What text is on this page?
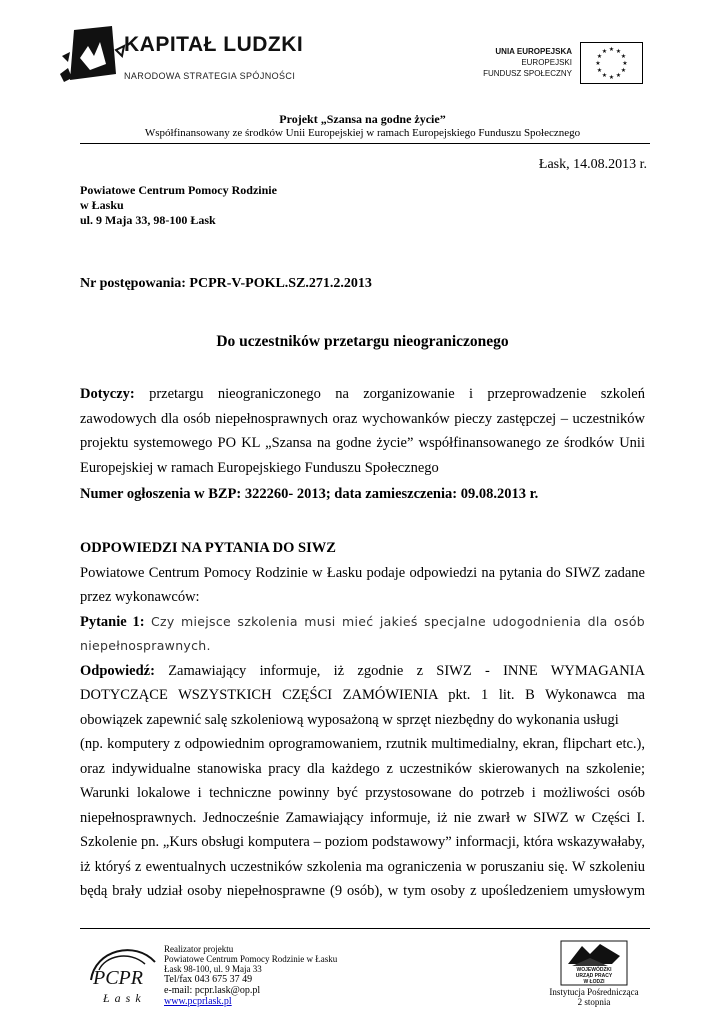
KAPITAŁ LUDZKI
NARODOWA STRATEGIA SPÓJNOŚCI
UNIA EUROPEJSKA
EUROPEJSKI
FUNDUSZ SPOŁECZNY
★ ★
★
★
★
★
★
★
★
★
★
★
Projekt „Szansa na godne życie”
Współfinansowany ze środków Unii Europejskiej w ramach Europejskiego Funduszu Społecznego
Łask, 14.08.2013 r.
Powiatowe Centrum Pomocy Rodzinie
w Łasku
ul. 9 Maja 33, 98-100 Łask
Nr postępowania: PCPR-V-POKL.SZ.271.2.2013
Do uczestników przetargu nieograniczonego
Dotyczy: przetargu nieograniczonego na zorganizowanie i przeprowadzenie szkoleń
zawodowych dla osób niepełnosprawnych oraz wychowanków pieczy zastępczej – uczestników
projektu systemowego PO KL „Szansa na godne życie” współfinansowanego ze środków Unii
Europejskiej w ramach Europejskiego Funduszu Społecznego
Numer ogłoszenia w BZP: 322260- 2013; data zamieszczenia: 09.08.2013 r.
ODPOWIEDZI NA PYTANIA DO SIWZ
Powiatowe Centrum Pomocy Rodzinie w Łasku podaje odpowiedzi na pytania do SIWZ zadane
przez wykonawców:
Pytanie 1: Czy miejsce szkolenia musi mieć jakieś specjalne udogodnienia dla osób
niepełnosprawnych.
Odpowiedź: Zamawiający informuje, iż zgodnie z SIWZ - INNE WYMAGANIA
DOTYCZĄCE WSZYSTKICH CZĘŚCI ZAMÓWIENIA pkt. 1 lit. B Wykonawca ma
obowiązek zapewnić salę szkoleniową wyposażoną w sprzęt niezbędny do wykonania usługi
(np. komputery z odpowiednim oprogramowaniem, rzutnik multimedialny, ekran, flipchart etc.),
oraz indywidualne stanowiska pracy dla każdego z uczestników skierowanych na szkolenie;
Warunki lokalowe i techniczne powinny być przystosowane do potrzeb i możliwości osób
niepełnosprawnych. Jednocześnie Zamawiający informuje, iż nie zwarł w SIWZ w Części I.
Szkolenie pn. „Kurs obsługi komputera – poziom podstawowy” informacji, która wskazywałaby,
iż któryś z ewentualnych uczestników szkolenia ma ograniczenia w poruszaniu się. W szkoleniu
będą brały udział osoby niepełnosprawne (9 osób), w tym osoby z upośledzeniem umysłowym
PCPR
Łask
Realizator projektu
Powiatowe Centrum Pomocy Rodzinie w Łasku
Łask 98-100, ul. 9 Maja 33
Tel/fax 043 675 37 49
e-mail: pcpr.lask@op.pl
www.pcprlask.pl
WOJEWÓDZKI
URZĄD PRACY
W ŁODZI
Instytucja Pośrednicząca
2 stopnia
